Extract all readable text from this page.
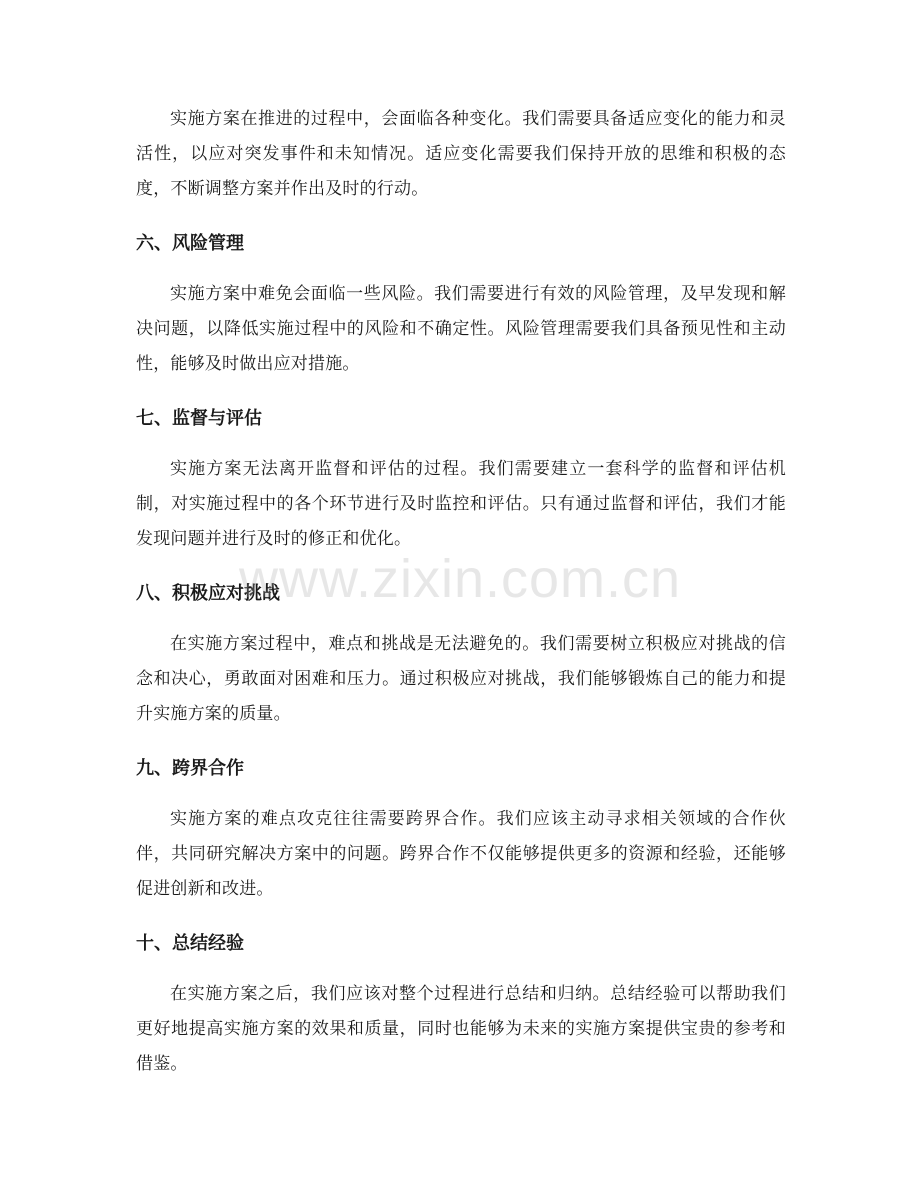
实施方案在推进的过程中，会面临各种变化。我们需要具备适应变化的能力和灵活性，以应对突发事件和未知情况。适应变化需要我们保持开放的思维和积极的态度，不断调整方案并作出及时的行动。

六、风险管理

实施方案中难免会面临一些风险。我们需要进行有效的风险管理，及早发现和解决问题，以降低实施过程中的风险和不确定性。风险管理需要我们具备预见性和主动性，能够及时做出应对措施。

七、监督与评估

实施方案无法离开监督和评估的过程。我们需要建立一套科学的监督和评估机制，对实施过程中的各个环节进行及时监控和评估。只有通过监督和评估，我们才能发现问题并进行及时的修正和优化。

八、积极应对挑战

在实施方案过程中，难点和挑战是无法避免的。我们需要树立积极应对挑战的信念和决心，勇敢面对困难和压力。通过积极应对挑战，我们能够锻炼自己的能力和提升实施方案的质量。

九、跨界合作

实施方案的难点攻克往往需要跨界合作。我们应该主动寻求相关领域的合作伙伴，共同研究解决方案中的问题。跨界合作不仅能够提供更多的资源和经验，还能够促进创新和改进。

十、总结经验

在实施方案之后，我们应该对整个过程进行总结和归纳。总结经验可以帮助我们更好地提高实施方案的效果和质量，同时也能够为未来的实施方案提供宝贵的参考和借鉴。

www.zixin.com.cn
